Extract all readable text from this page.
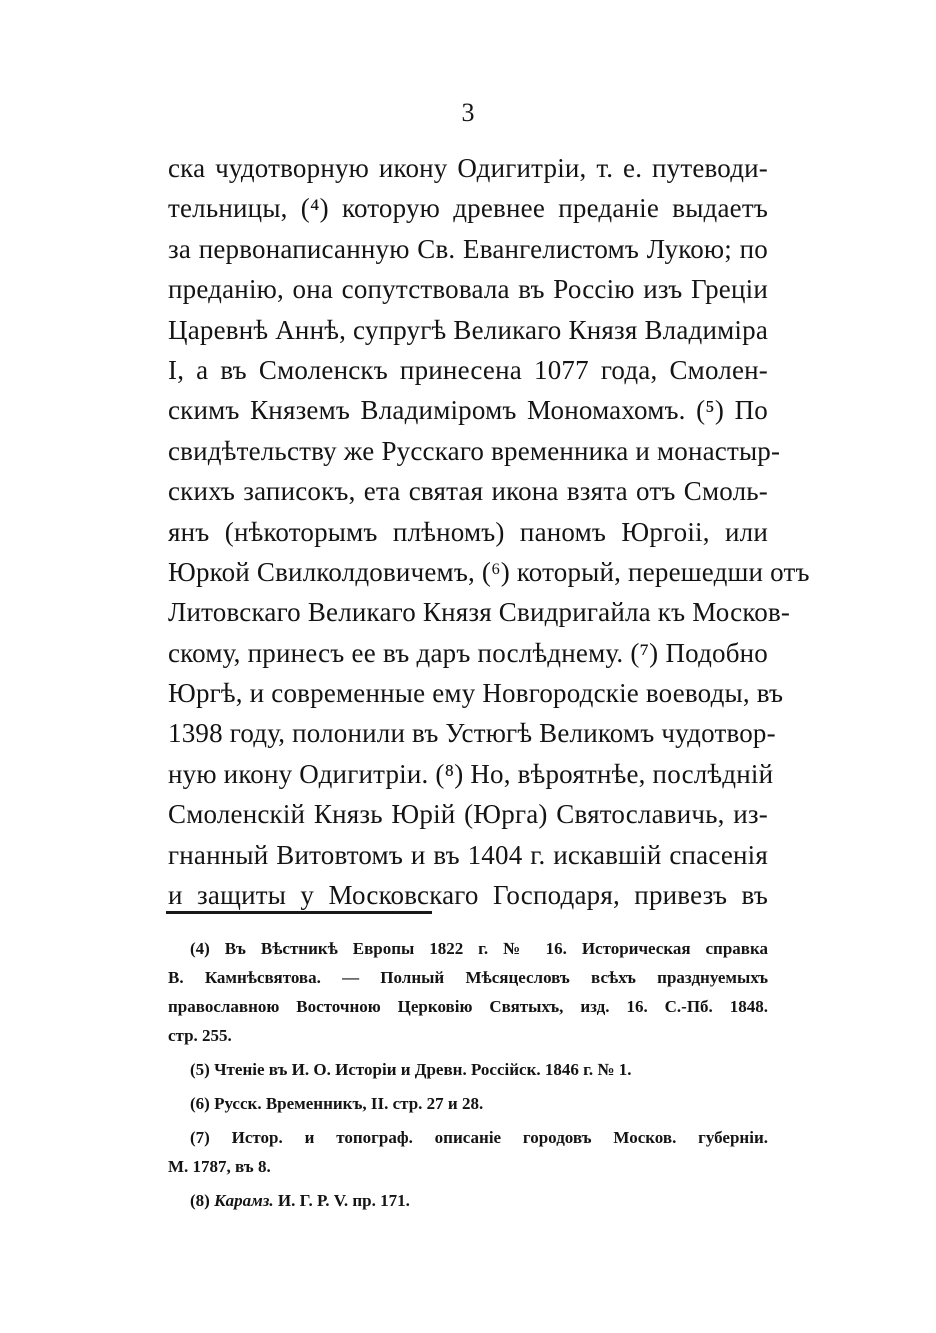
3
ска чудотворную икону Одигитріи, т. е. путеводи-
тельницы, (⁴) которую древнее преданіе выдаетъ
за первонаписанную Св. Евангелистомъ Лукою; по
преданію, она сопутствовала въ Россію изъ Греціи
Царевнѣ Аннѣ, супругѣ Великаго Князя Владиміра
I, а въ Смоленскъ принесена 1077 года, Смолен-
скимъ Княземъ Владиміромъ Мономахомъ. (⁵) По
свидѣтельству же Русскаго временника и монастыр-
скихъ записокъ, ета святая икона взята отъ Смоль-
янъ (нѣкоторымъ плѣномъ) паномъ Юргоіі, или
Юркой Свилколдовичемъ, (⁶) который, перешедши отъ
Литовскаго Великаго Князя Свидригайла къ Москов-
скому, принесъ ее въ даръ послѣднему. (⁷) Подобно
Юргѣ, и современные ему Новгородскіе воеводы, въ
1398 году, полонили въ Устюгѣ Великомъ чудотвор-
ную икону Одигитріи. (⁸) Но, вѣроятнѣе, послѣдній
Смоленскій Князь Юрій (Юрга) Святославичь, из-
гнанный Витовтомъ и въ 1404 г. искавшій спасенія
и защиты у Московскаго Господаря, привезъ въ
(4) Въ Вѣстникѣ Европы 1822 г. № 16. Историческая справка
В. Камнѣсвятова. — Полный Мѣсяцесловъ всѣхъ празднуемыхъ
православною Восточною Церковію Святыхъ, изд. 16. С.-Пб. 1848.
стр. 255.
(5) Чтеніе въ И. О. Исторіи и Древн. Россійск. 1846 г. № 1.
(6) Русск. Временникъ, II. стр. 27 и 28.
(7) Истор. и топограф. описаніе городовъ Москов. губерніи.
М. 1787, въ 8.
(8) Карамз. И. Г. Р. V. пр. 171.
